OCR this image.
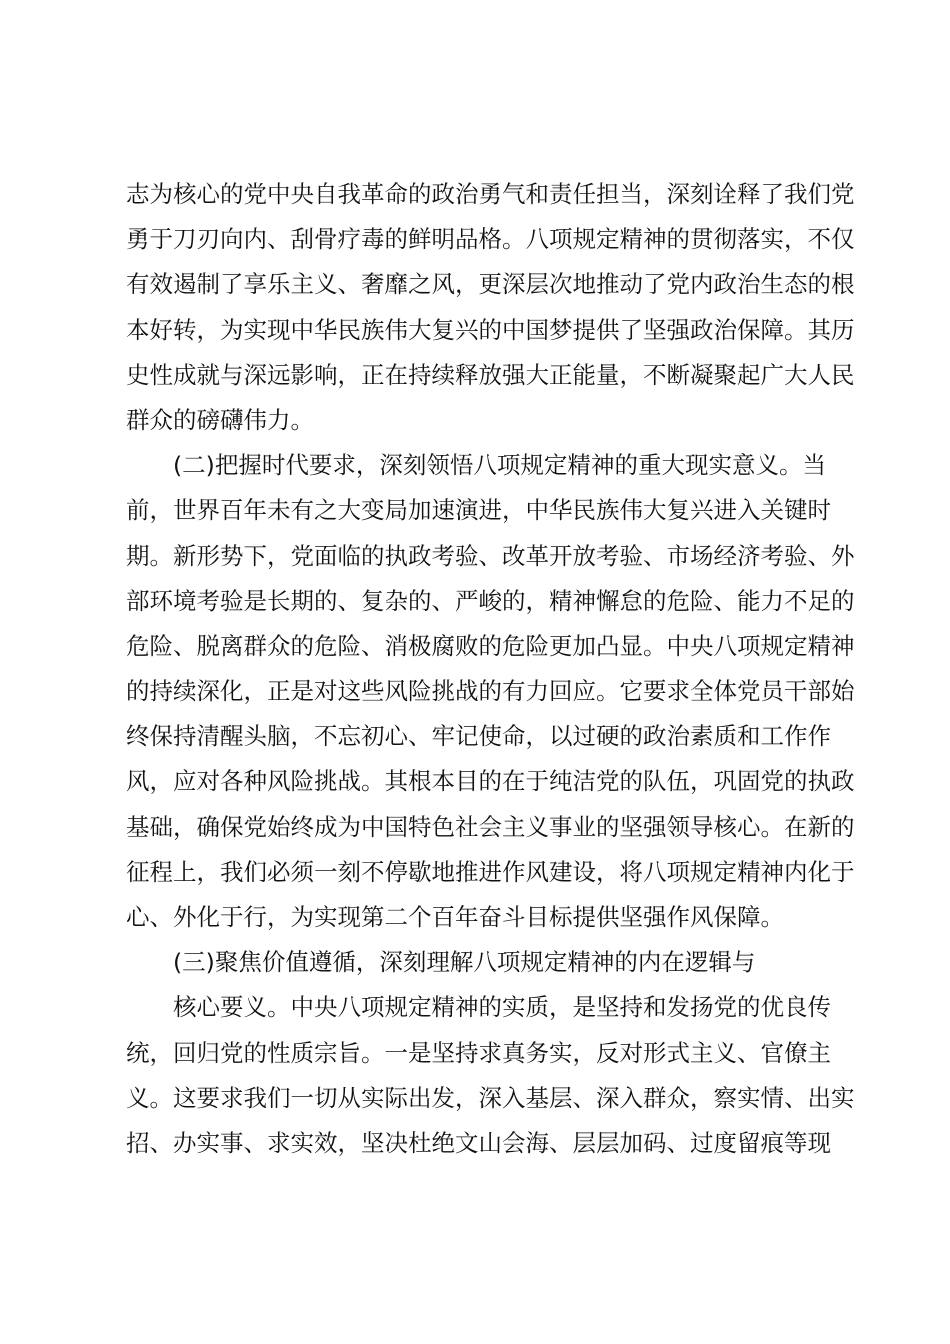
志为核心的党中央自我革命的政治勇气和责任担当，深刻诠释了我们党
勇于刀刃向内、刮骨疗毒的鲜明品格。八项规定精神的贯彻落实，不仅
有效遏制了享乐主义、奢靡之风，更深层次地推动了党内政治生态的根
本好转，为实现中华民族伟大复兴的中国梦提供了坚强政治保障。其历
史性成就与深远影响，正在持续释放强大正能量，不断凝聚起广大人民
群众的磅礴伟力。
(二)把握时代要求，深刻领悟八项规定精神的重大现实意义。当
前，世界百年未有之大变局加速演进，中华民族伟大复兴进入关键时
期。新形势下，党面临的执政考验、改革开放考验、市场经济考验、外
部环境考验是长期的、复杂的、严峻的，精神懈怠的危险、能力不足的
危险、脱离群众的危险、消极腐败的危险更加凸显。中央八项规定精神
的持续深化，正是对这些风险挑战的有力回应。它要求全体党员干部始
终保持清醒头脑，不忘初心、牢记使命，以过硬的政治素质和工作作
风，应对各种风险挑战。其根本目的在于纯洁党的队伍，巩固党的执政
基础，确保党始终成为中国特色社会主义事业的坚强领导核心。在新的
征程上，我们必须一刻不停歇地推进作风建设，将八项规定精神内化于
心、外化于行，为实现第二个百年奋斗目标提供坚强作风保障。
(三)聚焦价值遵循，深刻理解八项规定精神的内在逻辑与
核心要义。中央八项规定精神的实质，是坚持和发扬党的优良传
统，回归党的性质宗旨。一是坚持求真务实，反对形式主义、官僚主
义。这要求我们一切从实际出发，深入基层、深入群众，察实情、出实
招、办实事、求实效，坚决杜绝文山会海、层层加码、过度留痕等现
